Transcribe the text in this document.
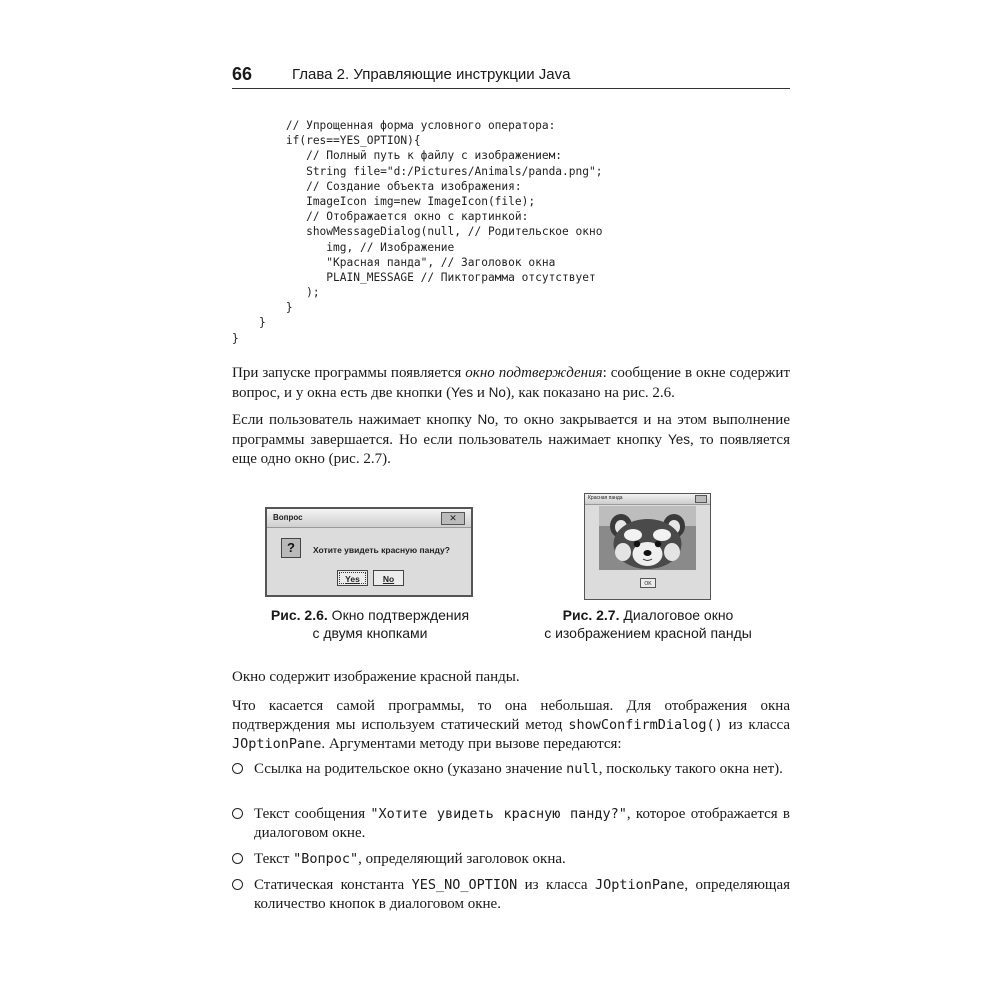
66	Глава 2. Управляющие инструкции Java
// Упрощенная форма условного оператора:
if(res==YES_OPTION){
// Полный путь к файлу с изображением:
String file="d:/Pictures/Animals/panda.png";
// Создание объекта изображения:
ImageIcon img=new ImageIcon(file);
// Отображается окно с картинкой:
showMessageDialog(null, // Родительское окно
img, // Изображение
"Красная панда", // Заголовок окна
PLAIN_MESSAGE // Пиктограмма отсутствует
);
}
}
}

При запуске программы появляется окно подтверждения: сообщение в окне содержит вопрос, и у окна есть две кнопки (Yes и No), как показано на рис. 2.6.

Если пользователь нажимает кнопку No, то окно закрывается и на этом выполнение программы завершается. Но если пользователь нажимает кнопку Yes, то появляется еще одно окно (рис. 2.7).

Вопрос	✕
?	Хотите увидеть красную панду?
Yes	No
Красная панда
OK
Рис. 2.6. Окно подтверждения
с двумя кнопками
Рис. 2.7. Диалоговое окно
с изображением красной панды

Окно содержит изображение красной панды.

Что касается самой программы, то она небольшая. Для отображения окна подтверждения мы используем статический метод showConfirmDialog() из класса JOptionPane. Аргументами методу при вызове передаются:

Ссылка на родительское окно (указано значение null, поскольку такого окна нет).
Текст сообщения "Хотите увидеть красную панду?", которое отображается в диалоговом окне.
Текст "Вопрос", определяющий заголовок окна.
Статическая константа YES_NO_OPTION из класса JOptionPane, определяющая количество кнопок в диалоговом окне.
